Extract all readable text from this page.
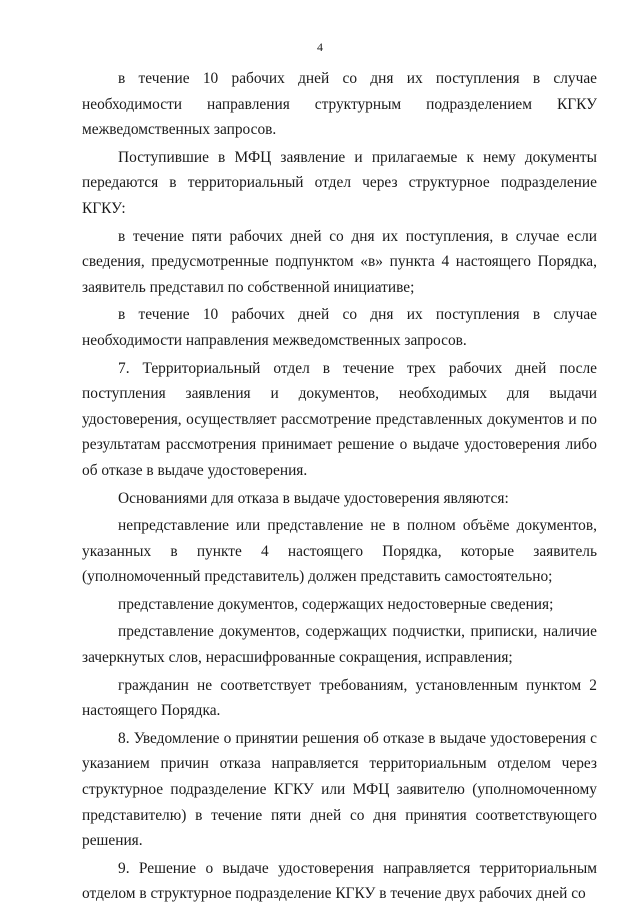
4

в течение 10 рабочих дней со дня их поступления в случае необходимости направления структурным подразделением КГКУ межведомственных запросов.

Поступившие в МФЦ заявление и прилагаемые к нему документы передаются в территориальный отдел через структурное подразделение КГКУ:

в течение пяти рабочих дней со дня их поступления, в случае если сведения, предусмотренные подпунктом «в» пункта 4 настоящего Порядка, заявитель представил по собственной инициативе;

в течение 10 рабочих дней со дня их поступления в случае необходимости направления межведомственных запросов.

7. Территориальный отдел в течение трех рабочих дней после поступления заявления и документов, необходимых для выдачи удостоверения, осуществляет рассмотрение представленных документов и по результатам рассмотрения принимает решение о выдаче удостоверения либо об отказе в выдаче удостоверения.

Основаниями для отказа в выдаче удостоверения являются:

непредставление или представление не в полном объёме документов, указанных в пункте 4 настоящего Порядка, которые заявитель (уполномоченный представитель) должен представить самостоятельно;

представление документов, содержащих недостоверные сведения;

представление документов, содержащих подчистки, приписки, наличие зачеркнутых слов, нерасшифрованные сокращения, исправления;

гражданин не соответствует требованиям, установленным пунктом 2 настоящего Порядка.

8. Уведомление о принятии решения об отказе в выдаче удостоверения с указанием причин отказа направляется территориальным отделом через структурное подразделение КГКУ или МФЦ заявителю (уполномоченному представителю) в течение пяти дней со дня принятия соответствующего решения.

9. Решение о выдаче удостоверения направляется территориальным отделом в структурное подразделение КГКУ в течение двух рабочих дней со
